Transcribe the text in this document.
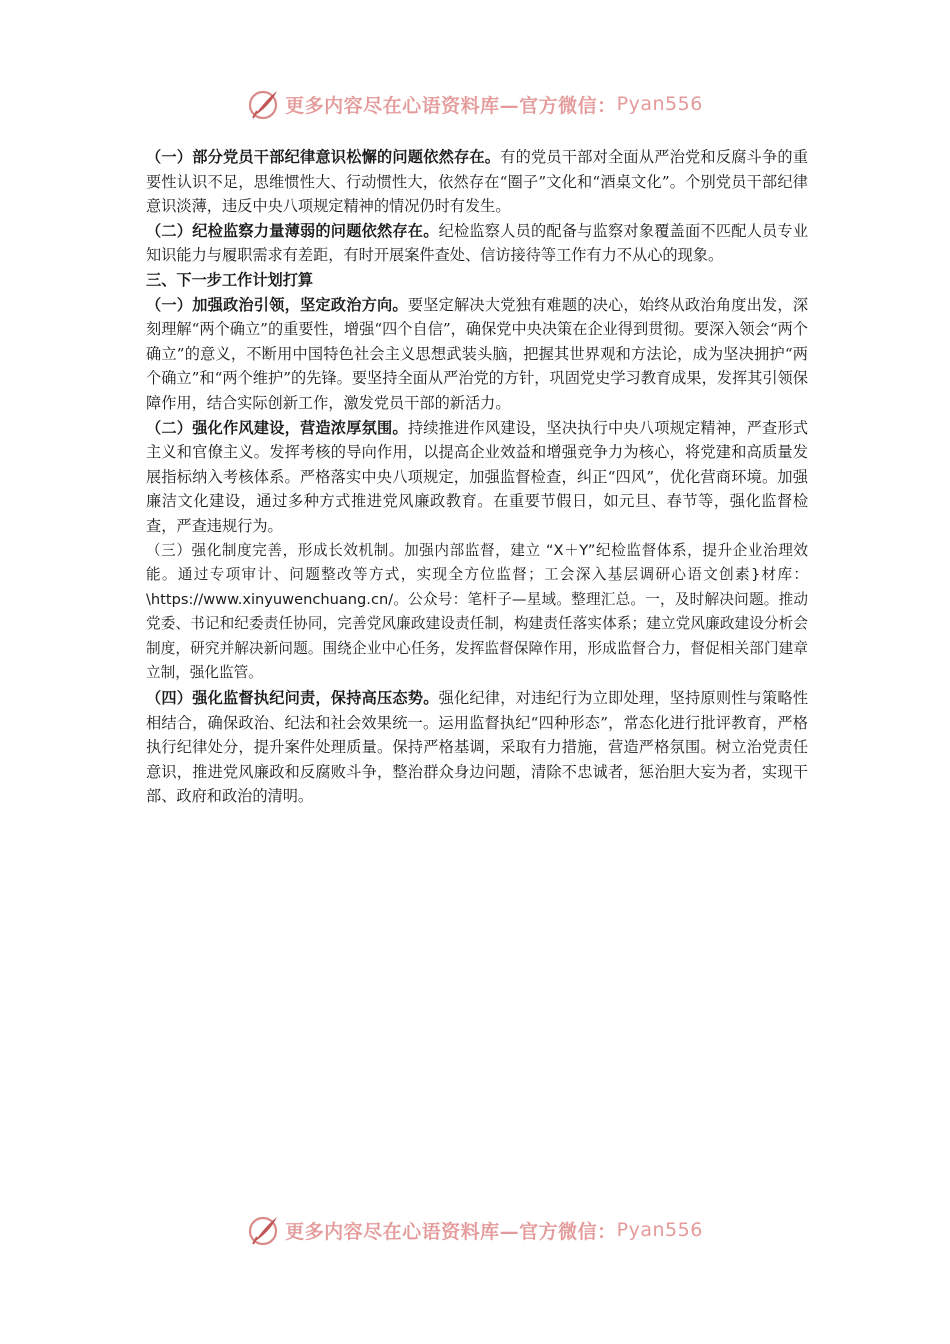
更多内容尽在心语资料库—官方微信： Pyan556

（一）部分党员干部纪律意识松懈的问题依然存在。有的党员干部对全面从严治党和反腐斗争的重要性认识不足，思维惯性大、行动惯性大，依然存在“圈子”文化和“酒桌文化”。个别党员干部纪律意识淡薄，违反中央八项规定精神的情况仍时有发生。

（二）纪检监察力量薄弱的问题依然存在。纪检监察人员的配备与监察对象覆盖面不匹配人员专业知识能力与履职需求有差距，有时开展案件查处、信访接待等工作有力不从心的现象。

三、下一步工作计划打算

（一）加强政治引领，坚定政治方向。要坚定解决大党独有难题的决心，始终从政治角度出发，深刻理解“两个确立”的重要性，增强“四个自信”，确保党中央决策在企业得到贯彻。要深入领会“两个确立”的意义，不断用中国特色社会主义思想武装头脑，把握其世界观和方法论，成为坚决拥护“两个确立”和“两个维护”的先锋。要坚持全面从严治党的方针，巩固党史学习教育成果，发挥其引领保障作用，结合实际创新工作，激发党员干部的新活力。

（二）强化作风建设，营造浓厚氛围。持续推进作风建设，坚决执行中央八项规定精神，严查形式主义和官僚主义。发挥考核的导向作用，以提高企业效益和增强竞争力为核心，将党建和高质量发展指标纳入考核体系。严格落实中央八项规定，加强监督检查，纠正“四风”，优化营商环境。加强廉洁文化建设，通过多种方式推进党风廉政教育。在重要节假日，如元旦、春节等，强化监督检查，严查违规行为。

（三）强化制度完善，形成长效机制。加强内部监督，建立 “X＋Y”纪检监督体系，提升企业治理效能。通过专项审计、问题整改等方式，实现全方位监督；工会深入基层调研心语文创素}材库：\https://www.xinyuwenchuang.cn/。公众号：笔杆子—星域。整理汇总。一，及时解决问题。推动党委、书记和纪委责任协同，完善党风廉政建设责任制，构建责任落实体系；建立党风廉政建设分析会制度，研究并解决新问题。围绕企业中心任务，发挥监督保障作用，形成监督合力，督促相关部门建章立制，强化监管。

（四）强化监督执纪问责，保持高压态势。强化纪律，对违纪行为立即处理，坚持原则性与策略性相结合，确保政治、纪法和社会效果统一。运用监督执纪“四种形态”，常态化进行批评教育，严格执行纪律处分，提升案件处理质量。保持严格基调，采取有力措施，营造严格氛围。树立治党责任意识，推进党风廉政和反腐败斗争，整治群众身边问题，清除不忠诚者，惩治胆大妄为者，实现干部、政府和政治的清明。

更多内容尽在心语资料库—官方微信： Pyan556
